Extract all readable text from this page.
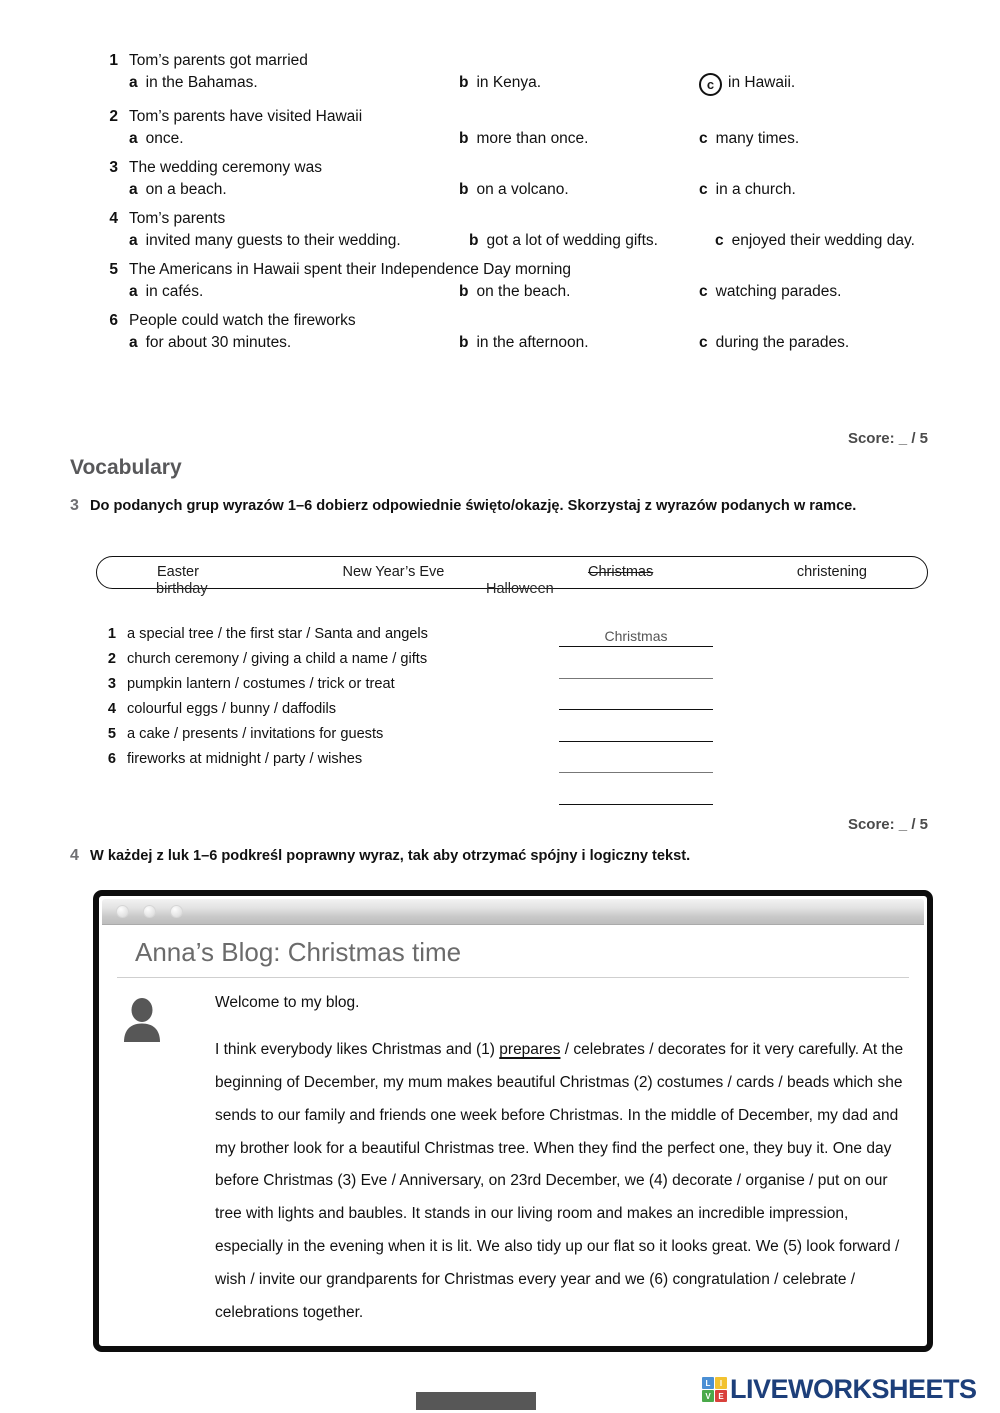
1 Tom’s parents got married
a in the Bahamas.	b in Kenya.	c in Hawaii.
2 Tom’s parents have visited Hawaii
a once.	b more than once.	c many times.
3 The wedding ceremony was
a on a beach.	b on a volcano.	c in a church.
4 Tom’s parents
a invited many guests to their wedding.	b got a lot of wedding gifts.	c enjoyed their wedding day.
5 The Americans in Hawaii spent their Independence Day morning
a in cafés.	b on the beach.	c watching parades.
6 People could watch the fireworks
a for about 30 minutes.	b in the afternoon.	c during the parades.
Score: _ / 5
Vocabulary
3 Do podanych grup wyrazów 1–6 dobierz odpowiednie święto/okazję. Skorzystaj z wyrazów podanych w ramce.
Easter	New Year’s Eve	Christmas	christening
birthday	Halloween
1 a special tree / the first star / Santa and angels
2 church ceremony / giving a child a name / gifts
3 pumpkin lantern / costumes / trick or treat
4 colourful eggs / bunny / daffodils
5 a cake / presents / invitations for guests
6 fireworks at midnight / party / wishes
Christmas
Score: _ / 5
4 W każdej z luk 1–6 podkreśl poprawny wyraz, tak aby otrzymać spójny i logiczny tekst.
Anna’s Blog: Christmas time
Welcome to my blog.
I think everybody likes Christmas and (1) prepares / celebrates / decorates for it very carefully. At the beginning of December, my mum makes beautiful Christmas (2) costumes / cards / beads which she sends to our family and friends one week before Christmas. In the middle of December, my dad and my brother look for a beautiful Christmas tree. When they find the perfect one, they buy it. One day before Christmas (3) Eve / Anniversary, on 23rd December, we (4) decorate / organise / put on our tree with lights and baubles. It stands in our living room and makes an incredible impression, especially in the evening when it is lit. We also tidy up our flat so it looks great. We (5) look forward / wish / invite our grandparents for Christmas every year and we (6) congratulation / celebrate / celebrations together.
L	I
V E LIVEWORKSHEETS
